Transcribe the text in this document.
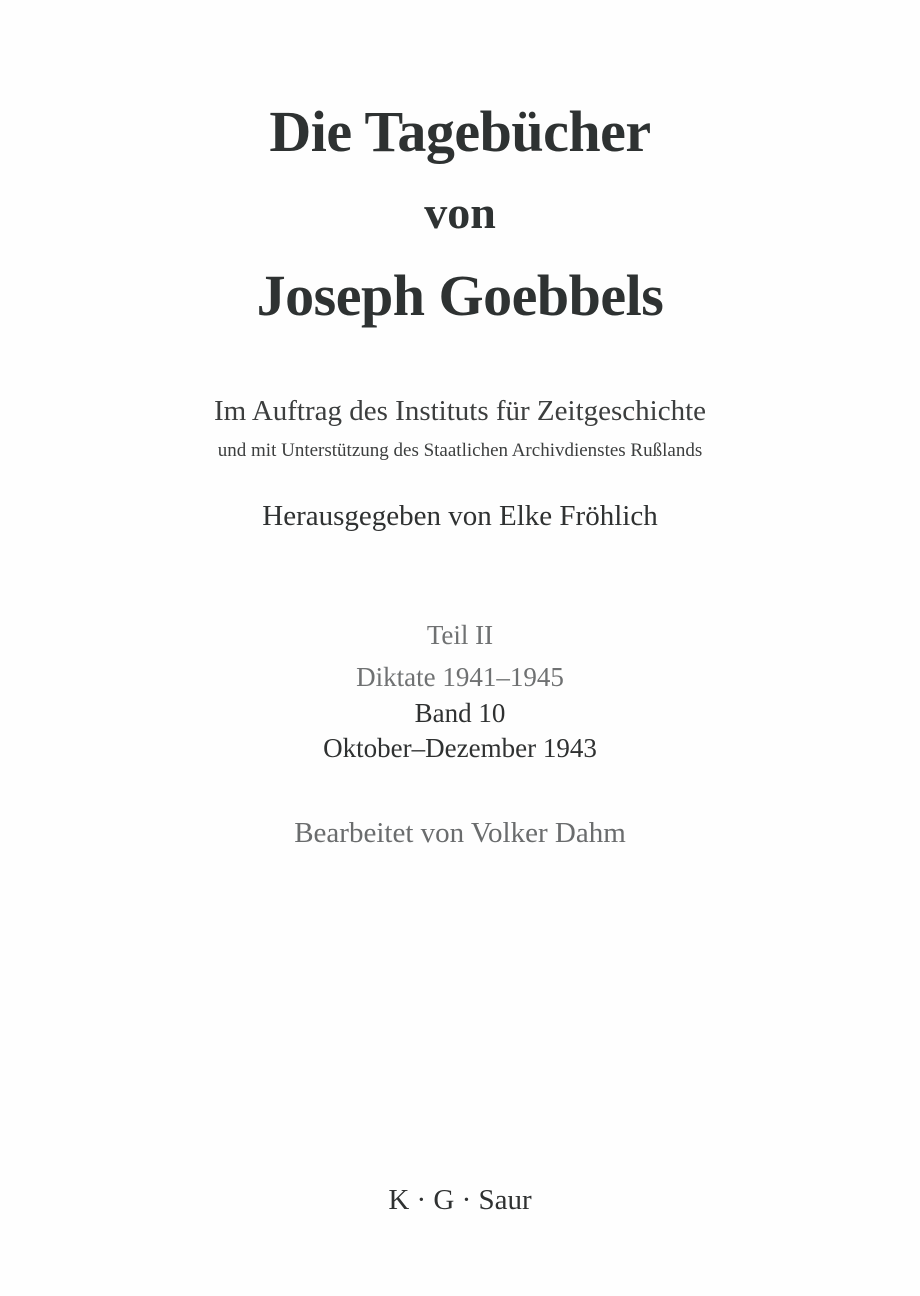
Die Tagebücher
von
Joseph Goebbels
Im Auftrag des Instituts für Zeitgeschichte
und mit Unterstützung des Staatlichen Archivdienstes Rußlands
Herausgegeben von Elke Fröhlich
Teil II
Diktate 1941–1945
Band 10
Oktober–Dezember 1943
Bearbeitet von Volker Dahm
K · G · Saur
